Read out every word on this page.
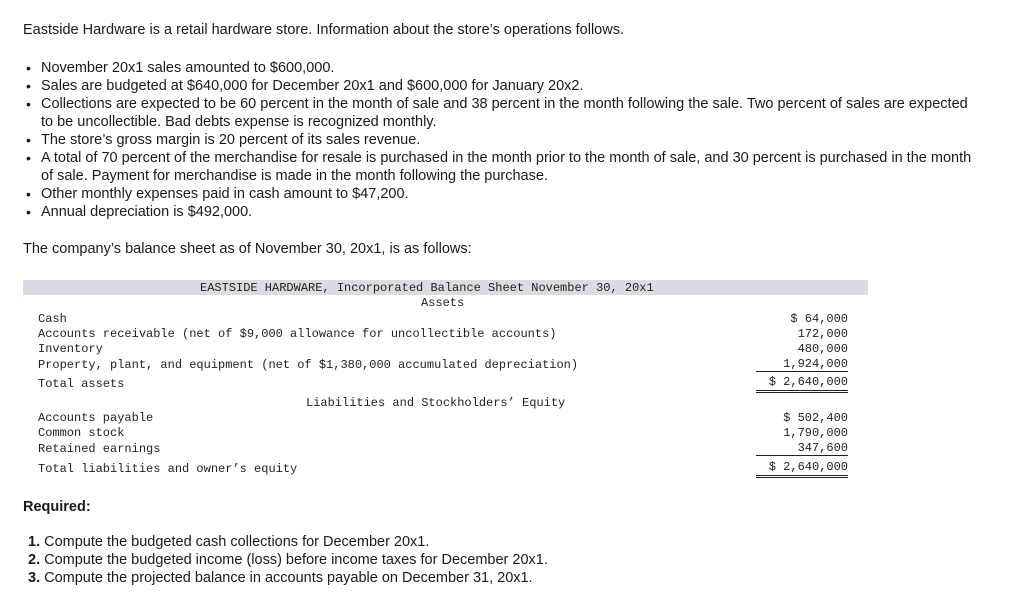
Eastside Hardware is a retail hardware store. Information about the store’s operations follows.

• November 20x1 sales amounted to $600,000.
• Sales are budgeted at $640,000 for December 20x1 and $600,000 for January 20x2.
• Collections are expected to be 60 percent in the month of sale and 38 percent in the month following the sale. Two percent of sales are expected to be uncollectible. Bad debts expense is recognized monthly.
• The store’s gross margin is 20 percent of its sales revenue.
• A total of 70 percent of the merchandise for resale is purchased in the month prior to the month of sale, and 30 percent is purchased in the month of sale. Payment for merchandise is made in the month following the purchase.
• Other monthly expenses paid in cash amount to $47,200.
• Annual depreciation is $492,000.

The company’s balance sheet as of November 30, 20x1, is as follows:

EASTSIDE HARDWARE, Incorporated Balance Sheet November 30, 20x1
Assets
Cash	$ 64,000
Accounts receivable (net of $9,000 allowance for uncollectible accounts)	172,000
Inventory	480,000
Property, plant, and equipment (net of $1,380,000 accumulated depreciation)	1,924,000
Total assets	$ 2,640,000
Liabilities and Stockholders’ Equity
Accounts payable	$ 502,400
Common stock	1,790,000
Retained earnings	347,600
Total liabilities and owner’s equity	$ 2,640,000

Required:

1. Compute the budgeted cash collections for December 20x1.
2. Compute the budgeted income (loss) before income taxes for December 20x1.
3. Compute the projected balance in accounts payable on December 31, 20x1.
